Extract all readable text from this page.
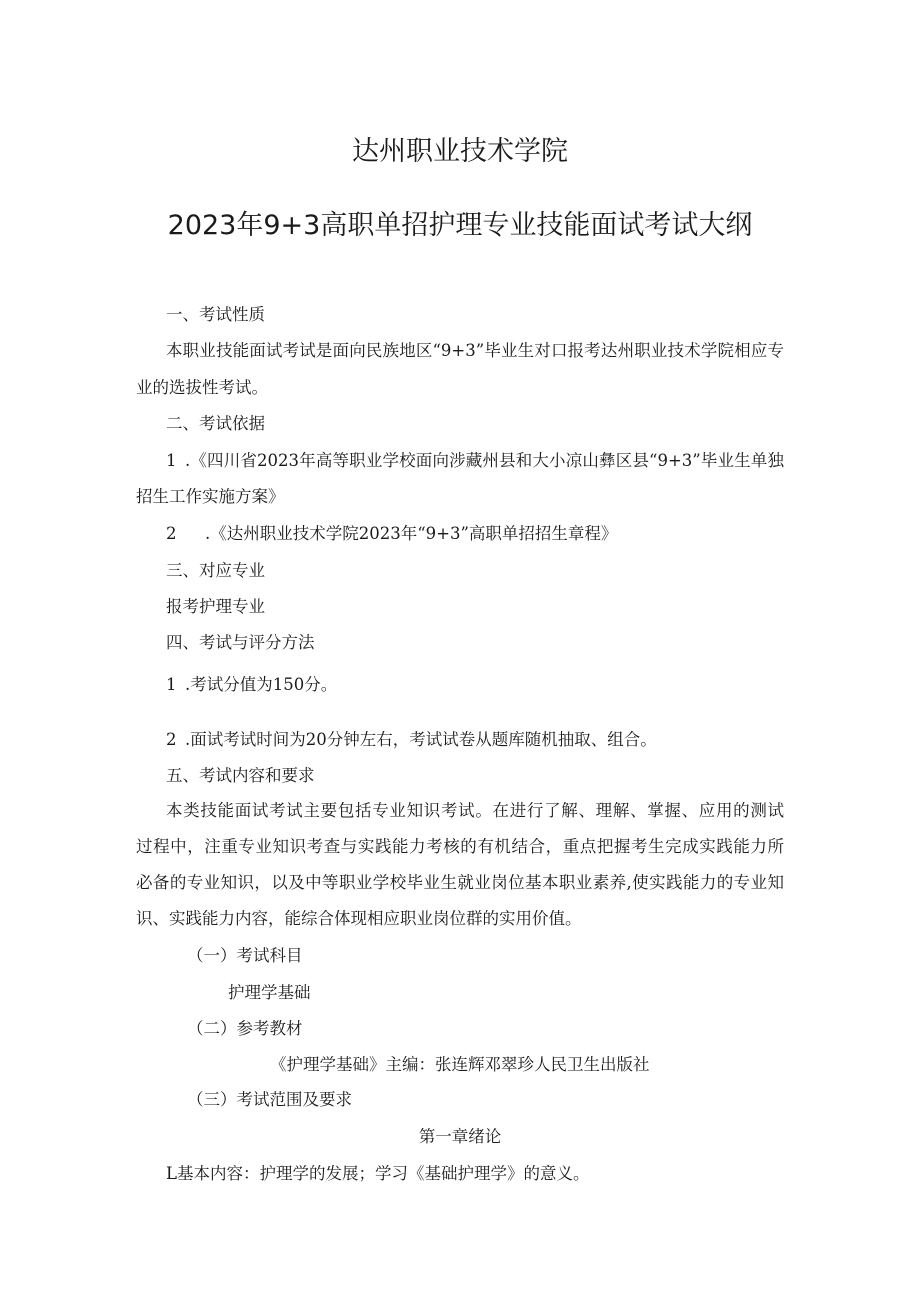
达州职业技术学院
2023年9+3高职单招护理专业技能面试考试大纲
一、考试性质
本职业技能面试考试是面向民族地区“9+3”毕业生对口报考达州职业技术学院相应专
业的选拔性考试。
二、考试依据
1 .《四川省2023年高等职业学校面向涉藏州县和大小凉山彝区县“9+3”毕业生单独
招生工作实施方案》
2 .《达州职业技术学院2023年“9+3”高职单招招生章程》
三、对应专业
报考护理专业
四、考试与评分方法
1 .考试分值为150分。
2 .面试考试时间为20分钟左右，考试试卷从题库随机抽取、组合。
五、考试内容和要求
本类技能面试考试主要包括专业知识考试。在进行了解、理解、掌握、应用的测试
过程中，注重专业知识考查与实践能力考核的有机结合，重点把握考生完成实践能力所
必备的专业知识，以及中等职业学校毕业生就业岗位基本职业素养,使实践能力的专业知
识、实践能力内容，能综合体现相应职业岗位群的实用价值。
（一）考试科目
护理学基础
（二）参考教材
《护理学基础》主编：张连辉邓翠珍人民卫生出版社
（三）考试范围及要求
第一章绪论
L基本内容：护理学的发展；学习《基础护理学》的意义。
